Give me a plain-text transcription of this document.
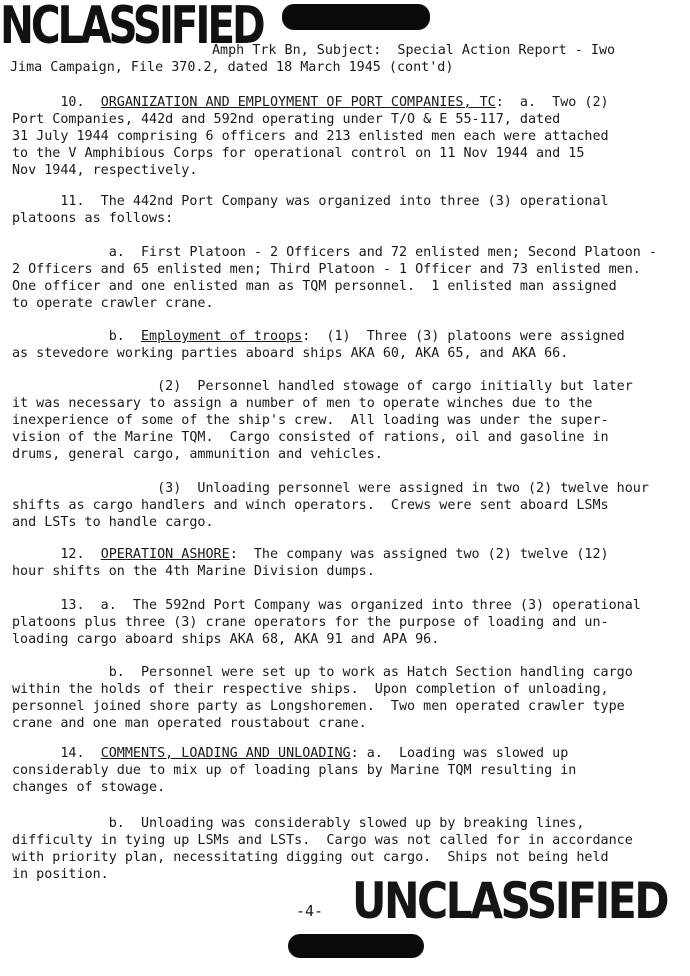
NCLASSIFIED
Amph Trk Bn, Subject:  Special Action Report - Iwo
Jima Campaign, File 370.2, dated 18 March 1945 (cont'd)
10.  ORGANIZATION AND EMPLOYMENT OF PORT COMPANIES, TC:  a.  Two (2)
Port Companies, 442d and 592nd operating under T/O & E 55-117, dated
31 July 1944 comprising 6 officers and 213 enlisted men each were attached
to the V Amphibious Corps for operational control on 11 Nov 1944 and 15
Nov 1944, respectively.
11.  The 442nd Port Company was organized into three (3) operational
platoons as follows:
a.  First Platoon - 2 Officers and 72 enlisted men; Second Platoon -
2 Officers and 65 enlisted men; Third Platoon - 1 Officer and 73 enlisted men.
One officer and one enlisted man as TQM personnel.  1 enlisted man assigned
to operate crawler crane.
b.  Employment of troops:  (1)  Three (3) platoons were assigned
as stevedore working parties aboard ships AKA 60, AKA 65, and AKA 66.
(2)  Personnel handled stowage of cargo initially but later
it was necessary to assign a number of men to operate winches due to the
inexperience of some of the ship's crew.  All loading was under the super-
vision of the Marine TQM.  Cargo consisted of rations, oil and gasoline in
drums, general cargo, ammunition and vehicles.
(3)  Unloading personnel were assigned in two (2) twelve hour
shifts as cargo handlers and winch operators.  Crews were sent aboard LSMs
and LSTs to handle cargo.
12.  OPERATION ASHORE:  The company was assigned two (2) twelve (12)
hour shifts on the 4th Marine Division dumps.
13.  a.  The 592nd Port Company was organized into three (3) operational
platoons plus three (3) crane operators for the purpose of loading and un-
loading cargo aboard ships AKA 68, AKA 91 and APA 96.
b.  Personnel were set up to work as Hatch Section handling cargo
within the holds of their respective ships.  Upon completion of unloading,
personnel joined shore party as Longshoremen.  Two men operated crawler type
crane and one man operated roustabout crane.
14.  COMMENTS, LOADING AND UNLOADING: a.  Loading was slowed up
considerably due to mix up of loading plans by Marine TQM resulting in
changes of stowage.
b.  Unloading was considerably slowed up by breaking lines,
difficulty in tying up LSMs and LSTs.  Cargo was not called for in accordance
with priority plan, necessitating digging out cargo.  Ships not being held
in position.
-4- UNCLASSIFIED
